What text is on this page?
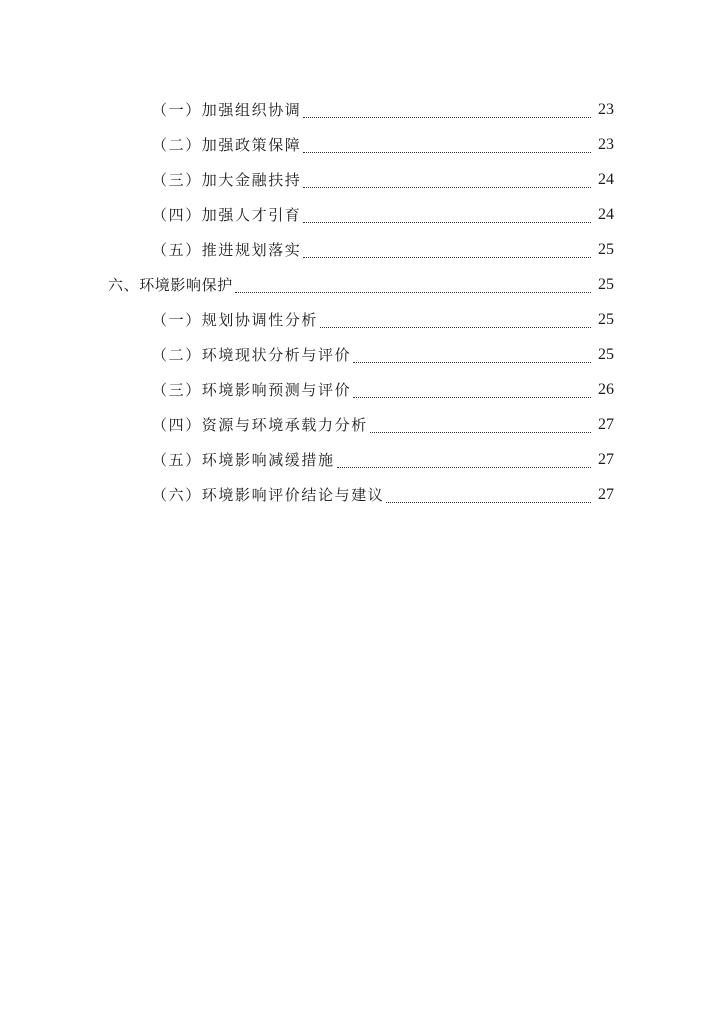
（一）加强组织协调	23
（二）加强政策保障	23
（三）加大金融扶持	24
（四）加强人才引育	24
（五）推进规划落实	25
六、环境影响保护	25
（一）规划协调性分析	25
（二）环境现状分析与评价	25
（三）环境影响预测与评价	26
（四）资源与环境承载力分析	27
（五）环境影响减缓措施	27
（六）环境影响评价结论与建议	27
